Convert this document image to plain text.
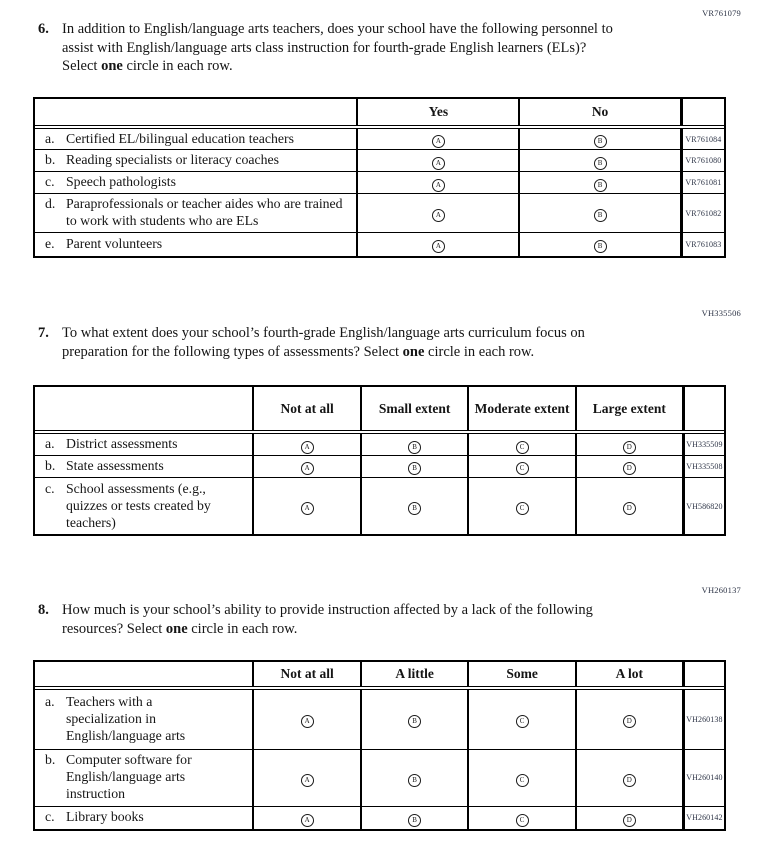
VR761079
6. In addition to English/language arts teachers, does your school have the following personnel to assist with English/language arts class instruction for fourth-grade English learners (ELs)? Select one circle in each row.

	Yes	No	

a. Certified EL/bilingual education teachers	A	B	VR761084

b. Reading specialists or literacy coaches	A	B	VR761080

c. Speech pathologists	A	B	VR761081

d. Paraprofessionals or teacher aides who are trained to work with students who are ELs	A	B	VR761082

e. Parent volunteers	A	B	VR761083
VH335506
7. To what extent does your school’s fourth-grade English/language arts curriculum focus on preparation for the following types of assessments? Select one circle in each row.

	Not at all	Small extent	Moderate extent	Large extent	

a. District assessments	A	B	C	D	VH335509

b. State assessments	A	B	C	D	VH335508

c. School assessments (e.g., quizzes or tests created by teachers)	A	B	C	D	VH586820
VH260137
8. How much is your school’s ability to provide instruction affected by a lack of the following resources? Select one circle in each row.

	Not at all	A little	Some	A lot	

a. Teachers with a specialization in English/language arts	A	B	C	D	VH260138

b. Computer software for English/language arts instruction	A	B	C	D	VH260140

c. Library books	A	B	C	D	VH260142
